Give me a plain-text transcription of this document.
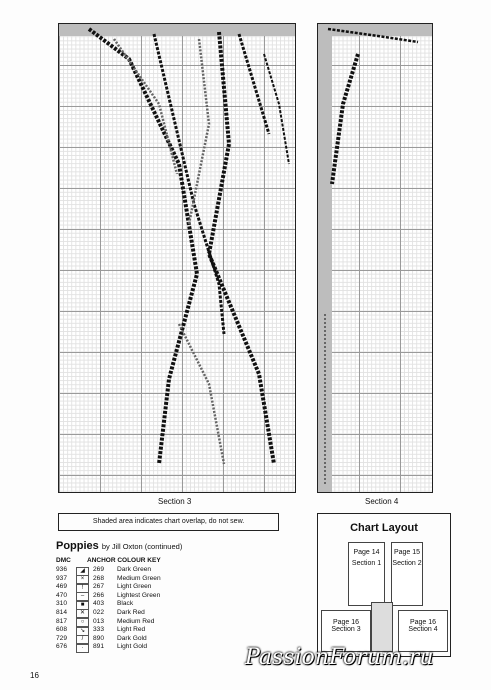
Section 3	Section 4
Shaded area indicates chart overlap, do not sew.
Poppies by Jill Oxton (continued)
DMC ANCHOR COLOUR KEY
936	◢	269	Dark Green
937	×	268	Medium Green
469	!	267	Light Green
470	–	266	Lightest Green
310	■	403	Black
814	✕	022	Dark Red
817	○	013	Medium Red
608	↘	333	Light Red
729	/	890	Dark Gold
676	·	891	Light Gold
Chart Layout
Page 14
Section 1
Page 15
Section 2
Page 16
Section 3
Page 16
Section 4
16
PassionForum.ru
